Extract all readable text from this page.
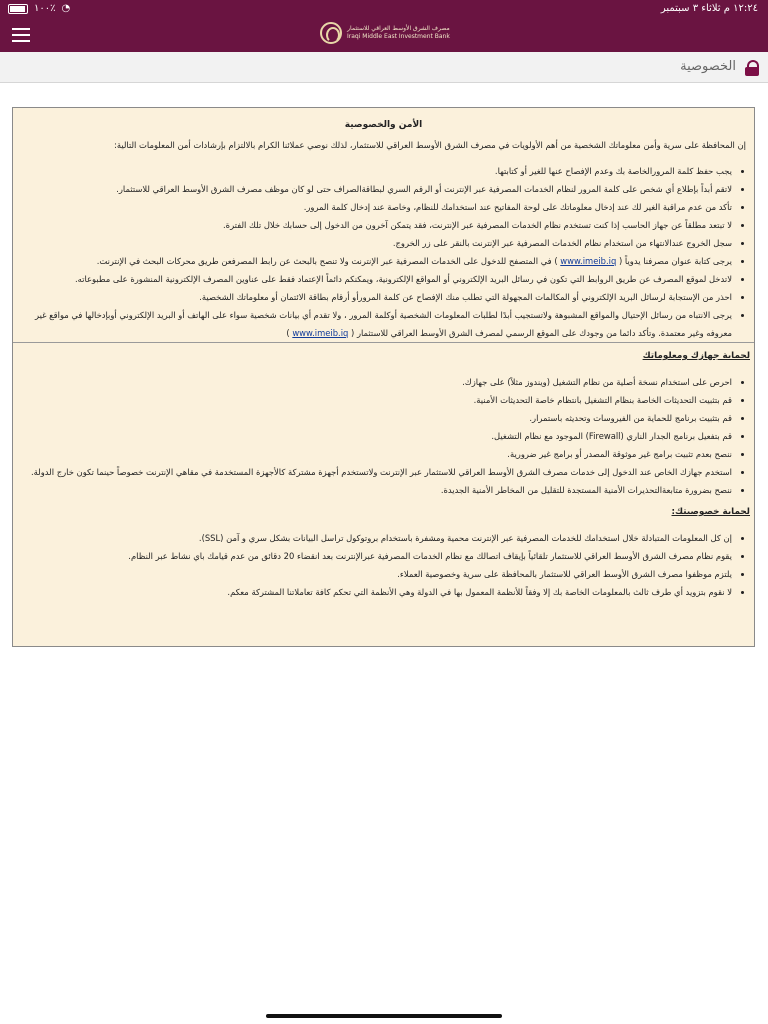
١٠٠٪ ◔	١٢:٢٤ م ثلاثاء ٣ سبتمبر
مصرف الشرق الأوسط العراقي للاستثمار
Iraqi Middle East Investment Bank
الخصوصية
الأمن والخصوصية
إن المحافظة على سرية وأمن معلوماتك الشخصية من أهم الأولويات في مصرف الشرق الأوسط العراقي للاستثمار، لذلك نوصي عملائنا الكرام بالالتزام بإرشادات أمن المعلومات التالية:
• يجب حفظ كلمة المرورالخاصة بك وعدم الإفصاح عنها للغير أو كتابتها.
• لاتقم أبداً بإطلاع أي شخص على كلمة المرور لنظام الخدمات المصرفية عبر الإنترنت أو الرقم السري لبطاقةالصراف حتى لو كان موظف مصرف الشرق الأوسط العراقي للاستثمار.
• تأكد من عدم مراقبة الغير لك عند إدخال معلوماتك على لوحة المفاتيح عند استخدامك للنظام، وخاصة عند إدخال كلمة المرور.
• لا تبتعد مطلقاً عن جهاز الحاسب إذا كنت تستخدم نظام الخدمات المصرفية عبر الإنترنت، فقد يتمكن آخرون من الدخول إلى حسابك خلال تلك الفترة.
• سجل الخروج عندالانتهاء من استخدام نظام الخدمات المصرفية عبر الإنترنت بالنقر على زر الخروج.
• يرجى كتابة عنوان مصرفنا يدوياً ( www.imeib.iq ) في المتصفح للدخول على الخدمات المصرفية عبر الإنترنت ولا تنصح بالبحث عن رابط المصرفعن طريق محركات البحث في الإنترنت.
• لاتدخل لموقع المصرف عن طريق الروابط التي تكون في رسائل البريد الإلكتروني أو المواقع الإلكترونية، ويمكنكم دائماً الإعتماد فقط على عناوين المصرف الإلكترونية المنشورة على مطبوعاته.
• احذر من الإستجابة لرسائل البريد الإلكتروني أو المكالمات المجهولة التي تطلب منك الإفصاح عن كلمة المرورأو أرقام بطاقة الائتمان أو معلوماتك الشخصية.
• يرجى الانتباه من رسائل الإحتيال والمواقع المشبوهة ولاتستجيب أبدًا لطلبات المعلومات الشخصية أوكلمة المرور ، ولا تقدم أي بيانات شخصية سواء على الهاتف أو البريد الإلكتروني أوبإدخالها في مواقع غير معروفه وغير معتمدة. وتأكد دائما من وجودك على الموقع الرسمي لمصرف الشرق الأوسط العراقي للاستثمار ( www.imeib.iq )
لحماية جهازك ومعلوماتك
• احرص على استخدام نسخة أصلية من نظام التشغيل (ويندوز مثلاً) على جهازك.
• قم بتثبيت التحديثات الخاصة بنظام التشغيل بانتظام خاصة التحديثات الأمنية.
• قم بتثبيت برنامج للحماية من الفيروسات وتحديثه باستمرار.
• قم بتفعيل برنامج الجدار الناري (Firewall) الموجود مع نظام التشغيل.
• ننصح بعدم تثبيت برامج غير موثوقة المصدر أو برامج غير ضرورية.
• استخدم جهازك الخاص عند الدخول إلى خدمات مصرف الشرق الأوسط العراقي للاستثمار عبر الإنترنت ولاتستخدم أجهزة مشتركة كالأجهزة المستخدمة في مقاهي الإنترنت خصوصاً حينما تكون خارج الدولة.
• ننصح بضرورة متابعةالتحذيرات الأمنية المستجدة للتقليل من المخاطر الأمنية الجديدة.
لحماية خصوصيتك:
• إن كل المعلومات المتبادلة خلال استخدامك للخدمات المصرفية عبر الإنترنت محمية ومشفرة باستخدام بروتوكول تراسل البيانات بشكل سري و آمن (SSL).
• يقوم نظام مصرف الشرق الأوسط العراقي للاستثمار تلقائياً بإيقاف اتصالك مع نظام الخدمات المصرفية عبرالإنترنت بعد انقضاء 20 دقائق من عدم قيامك باي نشاط عبر النظام.
• يلتزم موظفوا مصرف الشرق الأوسط العراقي للاستثمار بالمحافظة على سرية وخصوصية العملاء.
• لا نقوم بتزويد أي طرف ثالث بالمعلومات الخاصة بك إلا وفقاً للأنظمة المعمول بها في الدولة وهي الأنظمة التي تحكم كافة تعاملاتنا المشتركة معكم.
